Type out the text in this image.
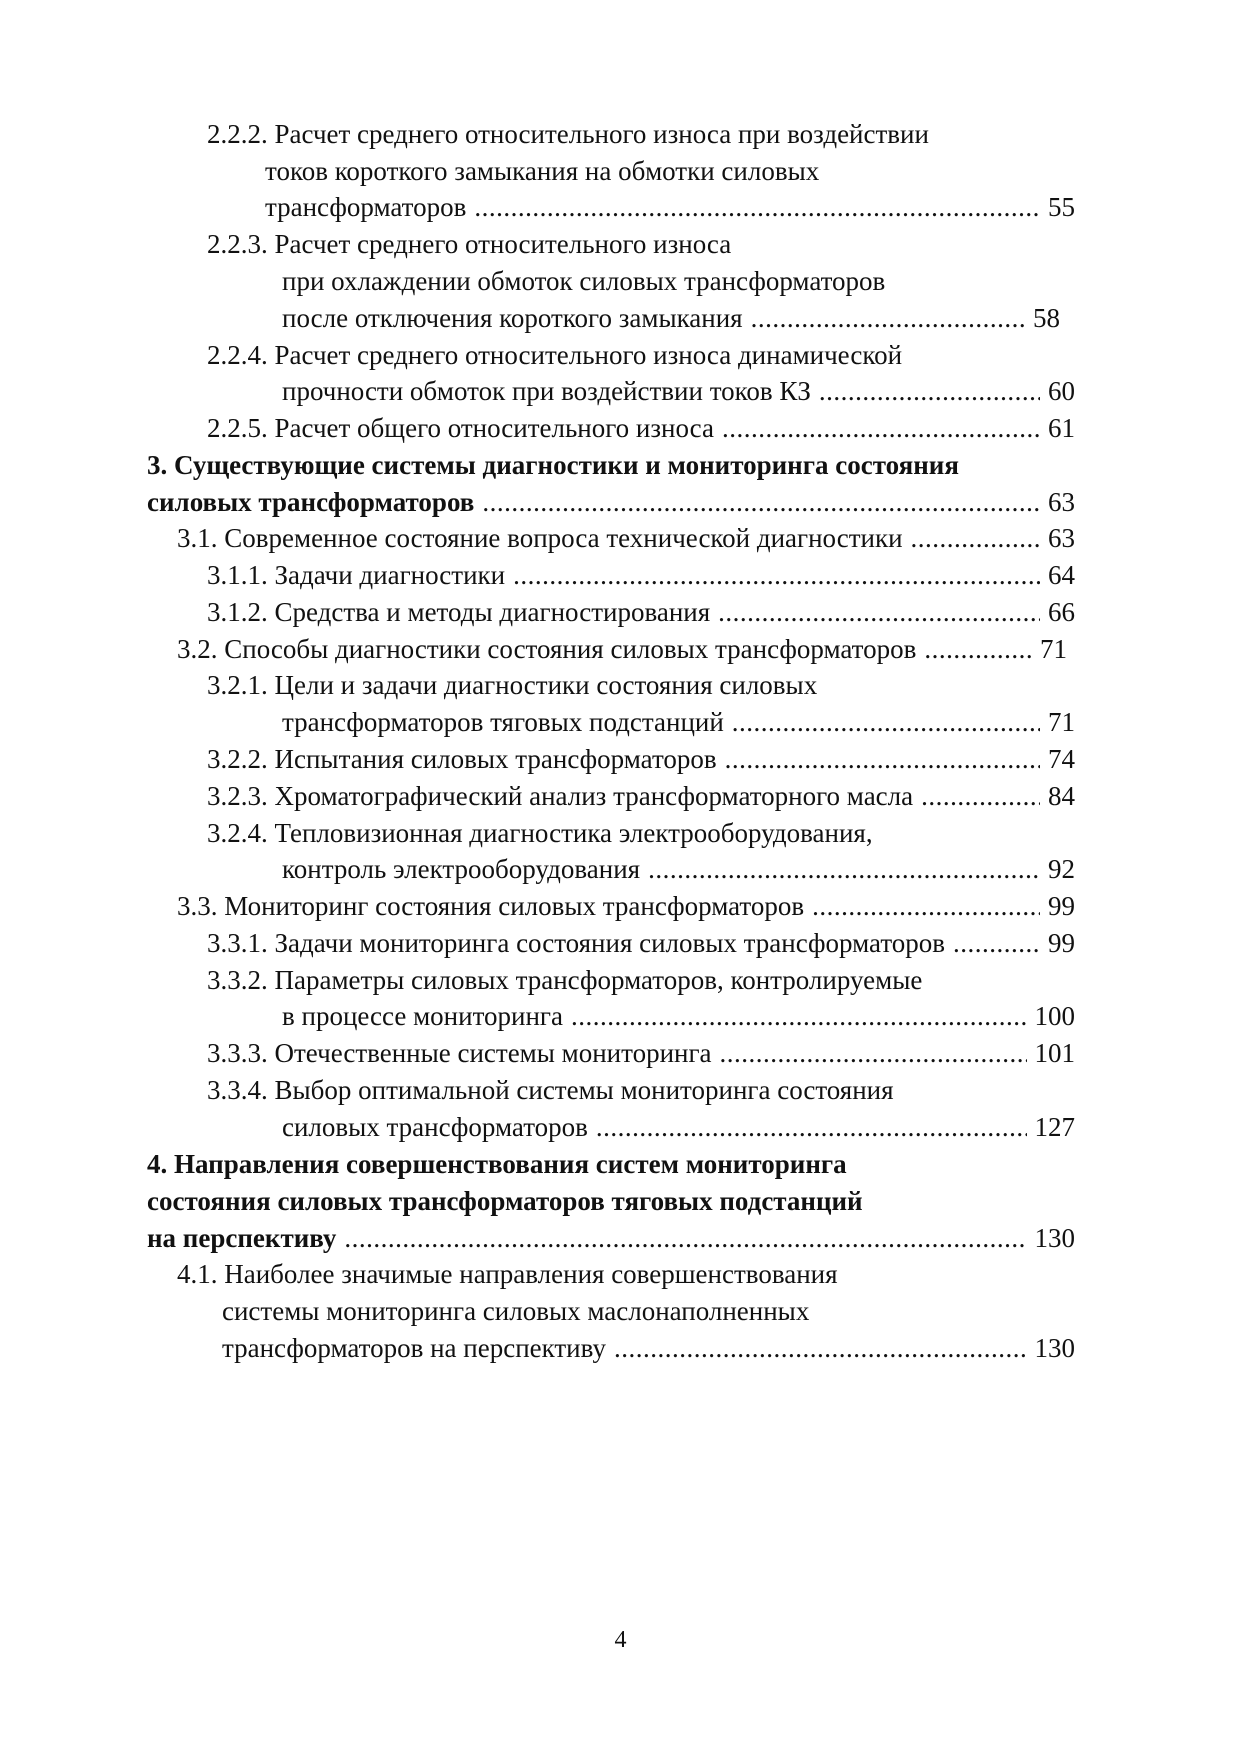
2.2.2. Расчет среднего относительного износа при воздействии
токов короткого замыкания на обмотки силовых
трансформаторов .....	55
2.2.3. Расчет среднего относительного износа
при охлаждении обмоток силовых трансформаторов
после отключения короткого замыкания .....	58
2.2.4. Расчет среднего относительного износа динамической
прочности обмоток при воздействии токов КЗ .....	60
2.2.5. Расчет общего относительного износа .....	61
3. Существующие системы диагностики и мониторинга состояния
силовых трансформаторов .....	63
3.1. Современное состояние вопроса технической диагностики .....	63
3.1.1. Задачи диагностики .....	64
3.1.2. Средства и методы диагностирования .....	66
3.2. Способы диагностики состояния силовых трансформаторов .....	71
3.2.1. Цели и задачи диагностики состояния силовых
трансформаторов тяговых подстанций .....	71
3.2.2. Испытания силовых трансформаторов .....	74
3.2.3. Хроматографический анализ трансформаторного масла .....	84
3.2.4. Тепловизионная диагностика электрооборудования,
контроль электрооборудования .....	92
3.3. Мониторинг состояния силовых трансформаторов .....	99
3.3.1. Задачи мониторинга состояния силовых трансформаторов .....	99
3.3.2. Параметры силовых трансформаторов, контролируемые
в процессе мониторинга .....	100
3.3.3. Отечественные системы мониторинга .....	101
3.3.4. Выбор оптимальной системы мониторинга состояния
силовых трансформаторов .....	127
4. Направления совершенствования систем мониторинга
состояния силовых трансформаторов тяговых подстанций
на перспективу .....	130
4.1. Наиболее значимые направления совершенствования
системы мониторинга силовых маслонаполненных
трансформаторов на перспективу .....	130
4
